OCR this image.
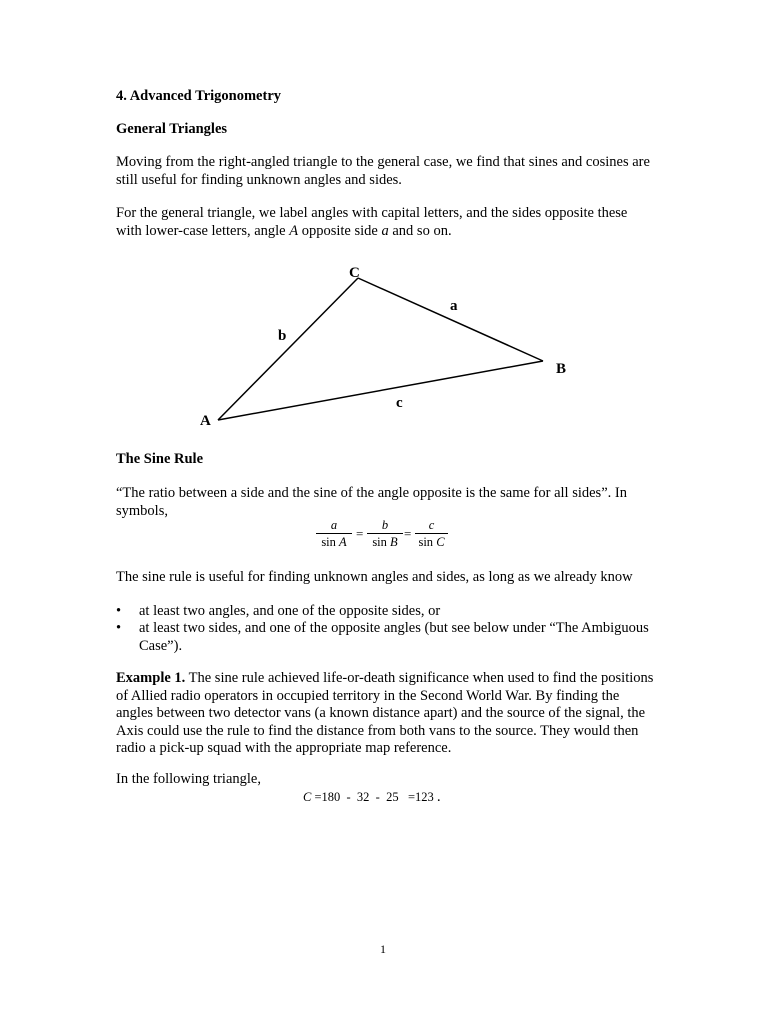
4. Advanced Trigonometry
General Triangles
Moving from the right-angled triangle to the general case, we find that sines and cosines are still useful for finding unknown angles and sides.
For the general triangle, we label angles with capital letters, and the sides opposite these with lower-case letters, angle A opposite side a and so on.
C
a
b
B
A
c
The Sine Rule
“The ratio between a side and the sine of the angle opposite is the same for all sides”. In symbols,
a
sin A
=
b
sin B
=
c
sin C
The sine rule is useful for finding unknown angles and sides, as long as we already know
• at least two angles, and one of the opposite sides, or
• at least two sides, and one of the opposite angles (but see below under “The Ambiguous Case”).
Example 1. The sine rule achieved life-or-death significance when used to find the positions of Allied radio operators in occupied territory in the Second World War. By finding the angles between two detector vans (a known distance apart) and the source of the signal, the Axis could use the rule to find the distance from both vans to the source. They would then radio a pick-up squad with the appropriate map reference.
In the following triangle,
C =180  -  32  -  25   =123 .
1
